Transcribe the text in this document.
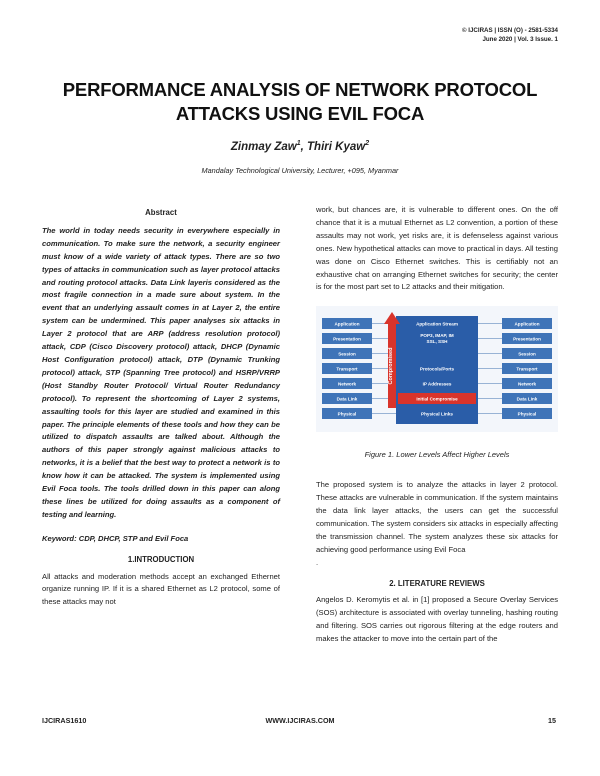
© IJCIRAS | ISSN (O) - 2581-5334
June 2020 | Vol. 3 Issue. 1
PERFORMANCE ANALYSIS OF NETWORK PROTOCOL ATTACKS USING EVIL FOCA
Zinmay Zaw$^1$, Thiri Kyaw$^2$
Mandalay Technological University, Lecturer, +095, Myanmar
Abstract

The world in today needs security in everywhere especially in communication. To make sure the network, a security engineer must know of a wide variety of attack types. There are so two types of attacks in communication such as layer protocol attacks and routing protocol attacks. Data Link layeris considered as the most fragile connection in a made sure about system. In the event that an underlying assault comes in at Layer 2, the entire system can be undermined. This paper analyses six attacks in Layer 2 protocol that are ARP (address resolution protocol) attack, CDP (Cisco Discovery protocol) attack, DHCP (Dynamic Host Configuration protocol) attack, DTP (Dynamic Trunking protocol) attack, STP (Spanning Tree protocol) and HSRP/VRRP (Host Standby Router Protocol/ Virtual Router Redundancy protocol). To represent the shortcoming of Layer 2 systems, assaulting tools for this layer are studied and examined in this paper. The principle elements of these tools and how they can be utilized to dispatch assaults are talked about. Although the authors of this paper strongly against malicious attacks to networks, it is a belief that the best way to protect a network is to know how it can be attacked. The system is implemented using Evil Foca tools. The tools drilled down in this paper can along these lines be utilized for doing assaults as a component of testing and learning.

Keyword: CDP, DHCP, STP and Evil Foca

1.INTRODUCTION

All attacks and moderation methods accept an exchanged Ethernet organize running IP. If it is a shared Ethernet as L2 protocol, some of these attacks may not

work, but chances are, it is vulnerable to different ones. On the off chance that it is a mutual Ethernet as L2 convention, a portion of these assaults may not work, yet risks are, it is defenseless against various ones. New hypothetical attacks can move to practical in days. All testing was done on Cisco Ethernet switches. This is certifiably not an exhaustive chat on arranging Ethernet switches for security; the center is for the most part set to L2 attacks and their mitigation.

Application
Presentation
Session
Transport
Network
Data Link
Physical
Application
Presentation
Session
Transport
Network
Data Link
Physical
Application Stream
POP3, IMAP, IM SSL, SSH
Protocols/Ports
IP Addresses
Initial Compromise
Physical Links
Compromised
Figure 1. Lower Levels Affect Higher Levels

The proposed system is to analyze the attacks in layer 2 protocol. These attacks are vulnerable in communication. If the system maintains the data link layer attacks, the users can get the successful communication. The system considers six attacks in especially affecting the transmission channel. The system analyzes these six attacks for achieving good performance using Evil Foca

.

2. LITERATURE REVIEWS

Angelos D. Keromytis et al. in [1] proposed a Secure Overlay Services (SOS) architecture is associated with overlay tunneling, hashing routing and filtering. SOS carries out rigorous filtering at the edge routers and makes the attacker to move into the certain part of the

IJCIRAS1610	WWW.IJCIRAS.COM	15
